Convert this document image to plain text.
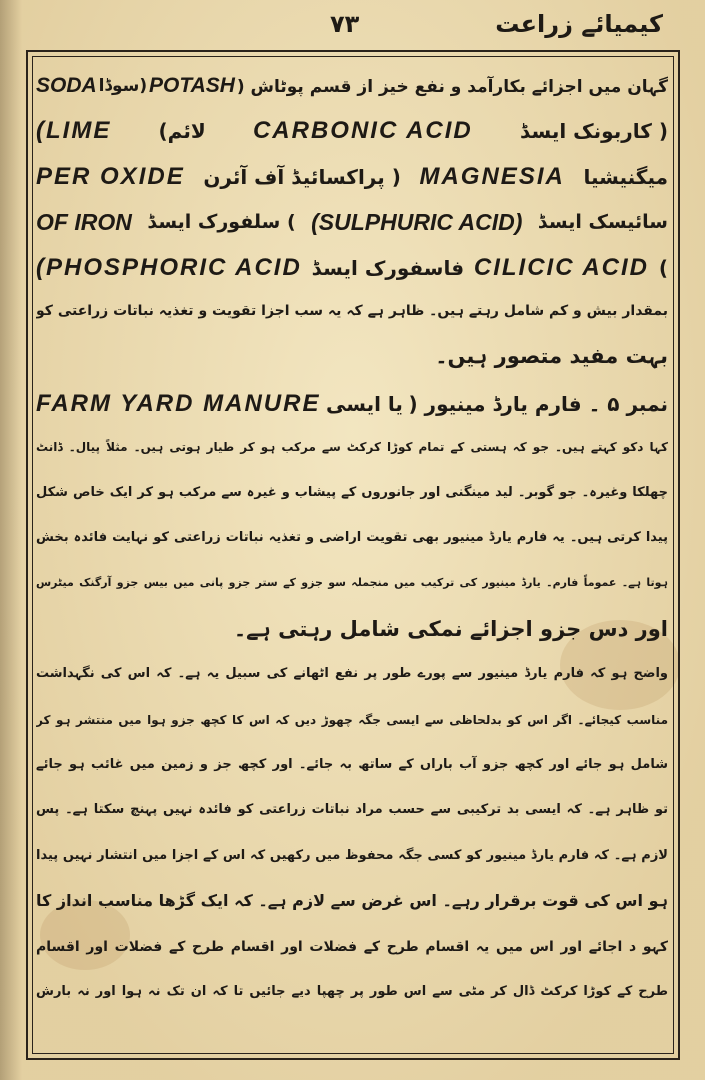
۷۳	کیمیائے زراعت
SODA (سوڈا POTASH گہان میں اجزائے بکارآمد و نفع خیز از قسم پوٹاش (
(LIME لائم) CARBONIC ACID ( کاربونک ایسڈ
PER OXIDE ( پراکسائیڈ آف آئرن MAGNESIA میگنیشیا
OF IRON ) سلفورک ایسڈ (SULPHURIC ACID) سائیسک ایسڈ
(PHOSPHORIC ACID فاسفورک ایسڈ CILICIC ACID )
بمقدار بیش و کم شامل رہتے ہیں۔ ظاہر ہے کہ یہ سب اجزا تقویت و تغذیہ نباتات زراعتی کو
بہت مفید متصور ہیں۔
FARM YARD MANURE یا ایسی نمبر ۵ ۔ فارم یارڈ مینیور (
کہا دکو کہتے ہیں۔ جو کہ ہستی کے تمام کوڑا کرکٹ سے مرکب ہو کر طیار ہوتی ہیں۔ مثلاً پیال۔ ڈانٹ
چھلکا وغیرہ۔ جو گوبر۔ لید مینگنی اور جانوروں کے پیشاب و غیرہ سے مرکب ہو کر ایک خاص شکل
پیدا کرتی ہیں۔ یہ فارم یارڈ مینیور بھی تقویت اراضی و تغذیہ نباتات زراعتی کو نہایت فائدہ بخش
ہوتا ہے۔ عموماً فارم۔ یارڈ مینیور کی ترکیب میں منجملہ سو جزو کے ستر جزو پانی میں بیس جزو آرگنک میٹرس
اور دس جزو اجزائے نمکی شامل رہتی ہے۔
واضح ہو کہ فارم یارڈ مینیور سے پورے طور پر نفع اٹھانے کی سبیل یہ ہے۔ کہ اس کی نگہداشت
مناسب کیجائے۔ اگر اس کو بدلحاظی سے ایسی جگہ چھوڑ دیں کہ اس کا کچھ جزو ہوا میں منتشر ہو کر
شامل ہو جائے اور کچھ جزو آب باراں کے ساتھ بہ جائے۔ اور کچھ جز و زمین میں غائب ہو جائے
تو ظاہر ہے۔ کہ ایسی بد ترکیبی سے حسب مراد نباتات زراعتی کو فائدہ نہیں پہنچ سکتا ہے۔ پس
لازم ہے۔ کہ فارم یارڈ مینیور کو کسی جگہ محفوظ میں رکھیں کہ اس کے اجزا میں انتشار نہیں پیدا
ہو اس کی قوت برقرار رہے۔ اس غرض سے لازم ہے۔ کہ ایک گڑھا مناسب انداز کا
کہو د اجائے اور اس میں یہ اقسام طرح کے فضلات اور اقسام طرح کے فضلات اور اقسام
طرح کے کوڑا کرکٹ ڈال کر مٹی سے اس طور پر چھپا دیے جائیں تا کہ ان تک نہ ہوا اور نہ بارش
